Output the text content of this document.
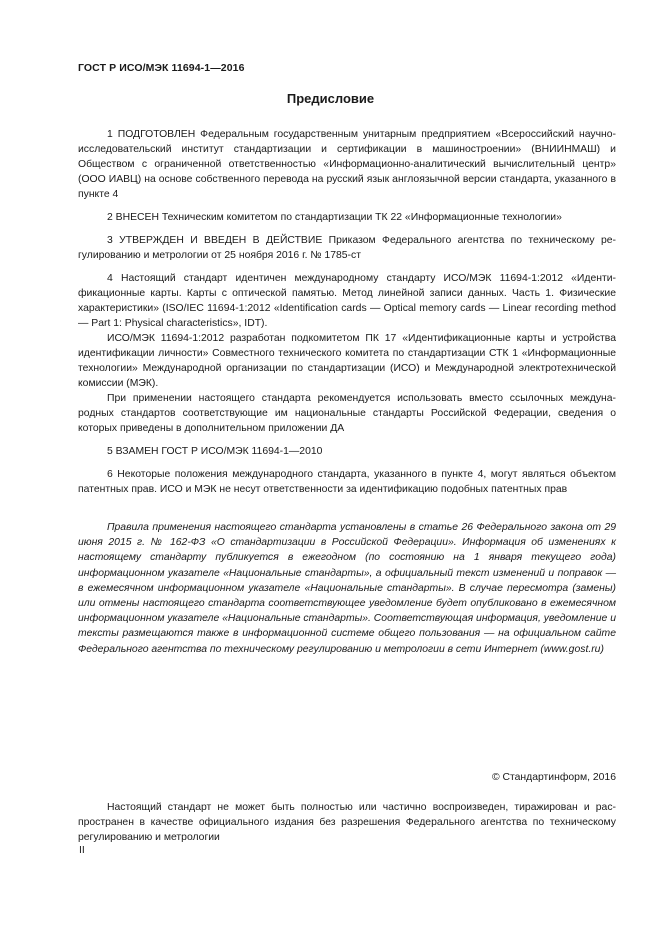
ГОСТ Р ИСО/МЭК 11694-1—2016
Предисловие

1 ПОДГОТОВЛЕН Федеральным государственным унитарным предприятием «Всероссийский научно-исследовательский институт стандартизации и сертификации в машиностроении» (ВНИИНМАШ) и Обществом с ограниченной ответственностью «Информационно-аналитический вычислительный центр» (ООО ИАВЦ) на основе собственного перевода на русский язык англоязычной версии стандарта, указанного в пункте 4

2 ВНЕСЕН Техническим комитетом по стандартизации ТК 22 «Информационные технологии»

3 УТВЕРЖДЕН И ВВЕДЕН В ДЕЙСТВИЕ Приказом Федерального агентства по техническому регулированию и метрологии от 25 ноября 2016 г. № 1785-ст

4 Настоящий стандарт идентичен международному стандарту ИСО/МЭК 11694-1:2012 «Идентификационные карты. Карты с оптической памятью. Метод линейной записи данных. Часть 1. Физические характеристики» (ISO/IEC 11694-1:2012 «Identification cards — Optical memory cards — Linear recording method — Part 1: Physical characteristics», IDT).

ИСО/МЭК 11694-1:2012 разработан подкомитетом ПК 17 «Идентификационные карты и устройства идентификации личности» Совместного технического комитета по стандартизации СТК 1 «Информационные технологии» Международной организации по стандартизации (ИСО) и Международной электротехнической комиссии (МЭК).

При применении настоящего стандарта рекомендуется использовать вместо ссылочных международных стандартов соответствующие им национальные стандарты Российской Федерации, сведения о которых приведены в дополнительном приложении ДА

5 ВЗАМЕН ГОСТ Р ИСО/МЭК 11694-1—2010

6 Некоторые положения международного стандарта, указанного в пункте 4, могут являться объектом патентных прав. ИСО и МЭК не несут ответственности за идентификацию подобных патентных прав

Правила применения настоящего стандарта установлены в статье 26 Федерального закона от 29 июня 2015 г. № 162-ФЗ «О стандартизации в Российской Федерации». Информация об изменениях к настоящему стандарту публикуется в ежегодном (по состоянию на 1 января текущего года) информационном указателе «Национальные стандарты», а официальный текст изменений и поправок — в ежемесячном информационном указателе «Национальные стандарты». В случае пересмотра (замены) или отмены настоящего стандарта соответствующее уведомление будет опубликовано в ежемесячном информационном указателе «Национальные стандарты». Соответствующая информация, уведомление и тексты размещаются также в информационной системе общего пользования — на официальном сайте Федерального агентства по техническому регулированию и метрологии в сети Интернет (www.gost.ru)

© Стандартинформ, 2016

Настоящий стандарт не может быть полностью или частично воспроизведен, тиражирован и распространен в качестве официального издания без разрешения Федерального агентства по техническому регулированию и метрологии

II
